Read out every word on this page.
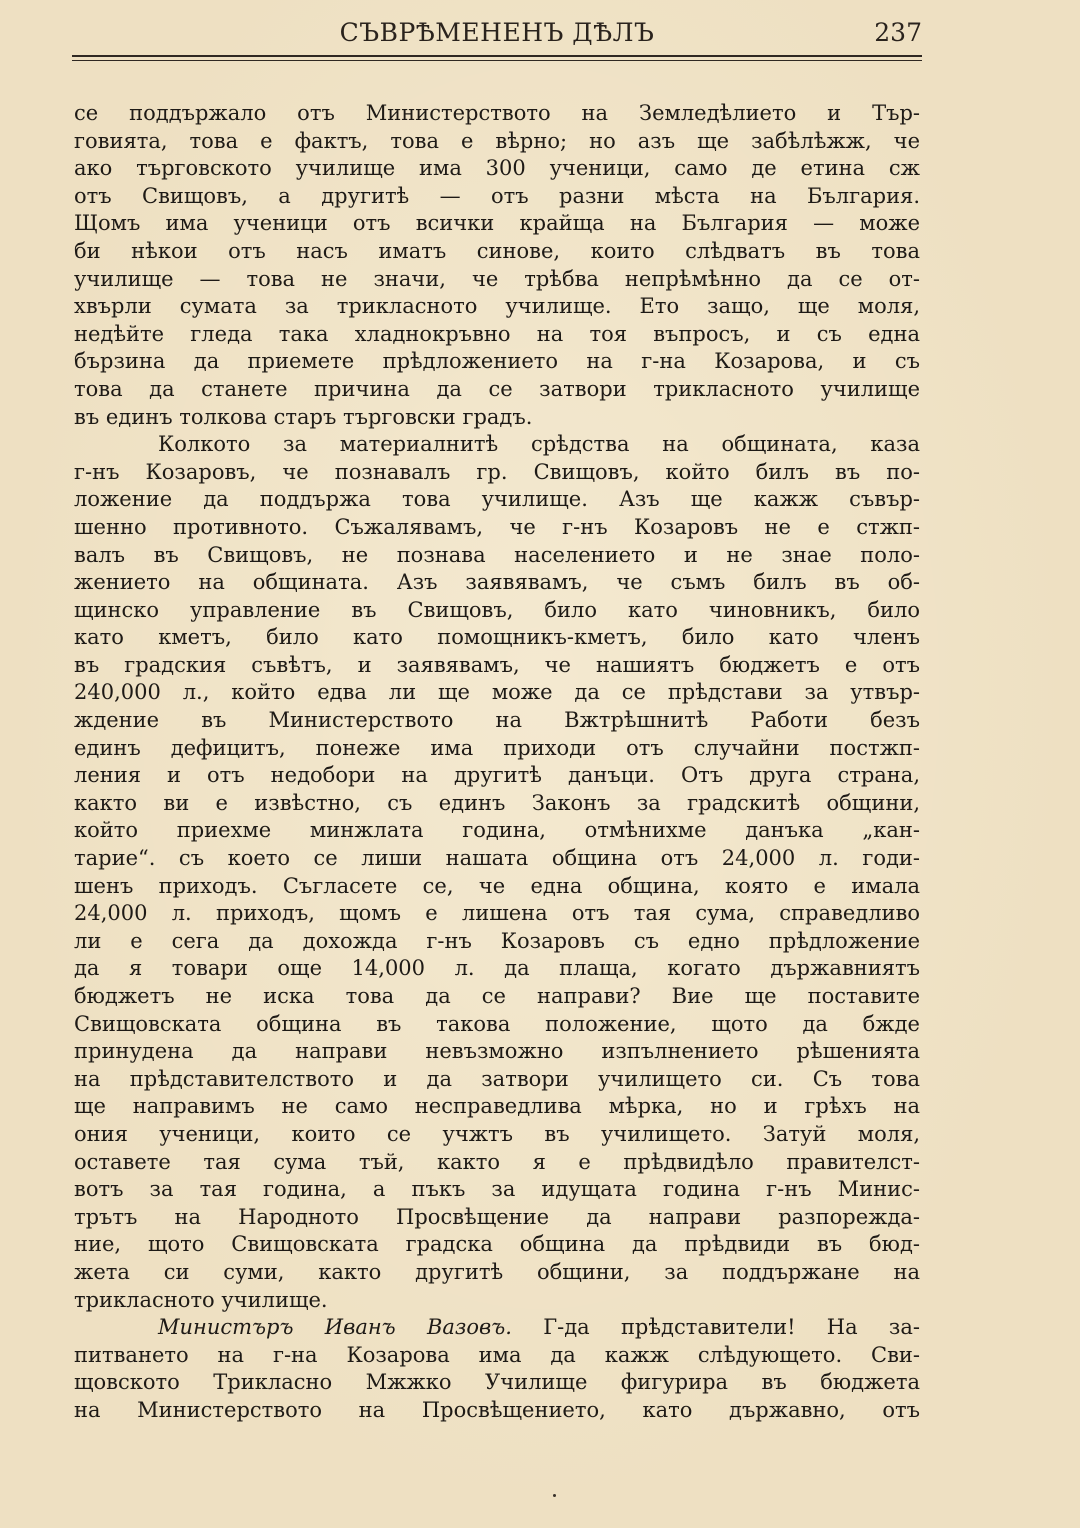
СЪВРѢМЕНЕНЪ ДѢЛЪ	237
се поддържало отъ Министерството на Земледѣлието и Тър-
говията, това е фактъ, това е вѣрно; но азъ ще забѣлѣжж, че
ако търговското училище има 300 ученици, само де етина сж
отъ Свищовъ, а другитѣ — отъ разни мѣста на България.
Щомъ има ученици отъ всички крайща на България — може
би нѣкои отъ насъ иматъ синове, които слѣдватъ въ това
училище — това не значи, че трѣбва непрѣмѣнно да се от-
хвърли сумата за трикласното училище. Ето защо, ще моля,
недѣйте гледа така хладнокръвно на тоя въпросъ, и съ една
бързина да приемете прѣдложението на г-на Козарова, и съ
това да станете причина да се затвори трикласното училище
въ единъ толкова старъ търговски градъ.
Колкото за материалнитѣ срѣдства на общината, каза
г-нъ Козаровъ, че познавалъ гр. Свищовъ, който билъ въ по-
ложение да поддържа това училище. Азъ ще кажж съвър-
шенно противното. Съжалявамъ, че г-нъ Козаровъ не е стжп-
валъ въ Свищовъ, не познава населението и не знае поло-
жението на общината. Азъ заявявамъ, че съмъ билъ въ об-
щинско управление въ Свищовъ, било като чиновникъ, било
като кметъ, било като помощникъ-кметъ, било като членъ
въ градския съвѣтъ, и заявявамъ, че нашиятъ бюджетъ е отъ
240,000 л., който едва ли ще може да се прѣдстави за утвър-
ждение въ Министерството на Вжтрѣшнитѣ Работи безъ
единъ дефицитъ, понеже има приходи отъ случайни постжп-
ления и отъ недобори на другитѣ данъци. Отъ друга страна,
както ви е извѣстно, съ единъ Законъ за градскитѣ общини,
който приехме минжлата година, отмѣнихме данъка „кан-
тарие“. съ което се лиши нашата община отъ 24,000 л. годи-
шенъ приходъ. Съгласете се, че една община, която е имала
24,000 л. приходъ, щомъ е лишена отъ тая сума, справедливо
ли е сега да дохожда г-нъ Козаровъ съ едно прѣдложение
да я товари още 14,000 л. да плаща, когато държавниятъ
бюджетъ не иска това да се направи? Вие ще поставите
Свищовската община въ такова положение, щото да бжде
принудена да направи невъзможно изпълнението рѣшенията
на прѣдставителството и да затвори училището си. Съ това
ще направимъ не само несправедлива мѣрка, но и грѣхъ на
ония ученици, които се учжтъ въ училището. Затуй моля,
оставете тая сума тъй, както я е прѣдвидѣло правителст-
вотъ за тая година, а пъкъ за идущата година г-нъ Минис-
трътъ на Народното Просвѣщение да направи разпорежда-
ние, щото Свищовската градска община да прѣдвиди въ бюд-
жета си суми, както другитѣ общини, за поддържане на
трикласното училище.
Министъръ Иванъ Вазовъ. Г-да прѣдставители! На за-
питването на г-на Козарова има да кажж слѣдующето. Сви-
щовското Трикласно Мжжко Училище фигурира въ бюджета
на Министерството на Просвѣщението, като държавно, отъ
